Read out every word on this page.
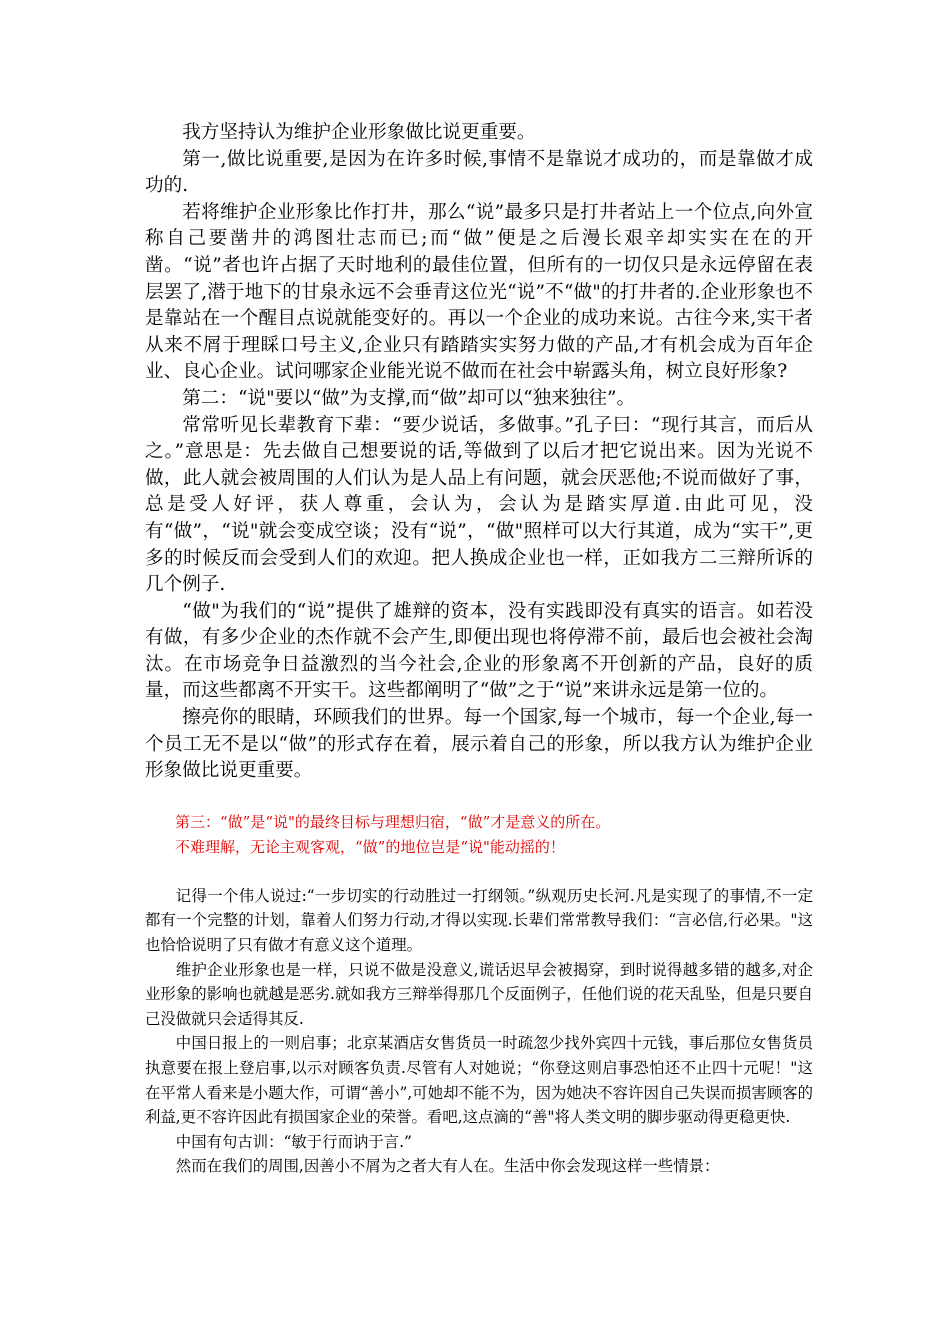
我方坚持认为维护企业形象做比说更重要。

第一,做比说重要,是因为在许多时候,事情不是靠说才成功的，而是靠做才成功的.

若将维护企业形象比作打井，那么“说”最多只是打井者站上一个位点,向外宣称自己要凿井的鸿图壮志而已;而“做”便是之后漫长艰辛却实实在在的开凿。“说”者也许占据了天时地利的最佳位置，但所有的一切仅只是永远停留在表层罢了,潜于地下的甘泉永远不会垂青这位光“说”不“做"的打井者的.企业形象也不是靠站在一个醒目点说就能变好的。再以一个企业的成功来说。古往今来,实干者从来不屑于理睬口号主义,企业只有踏踏实实努力做的产品,才有机会成为百年企业、良心企业。试问哪家企业能光说不做而在社会中崭露头角，树立良好形象?

第二：“说"要以“做”为支撑,而“做”却可以“独来独往”。

常常听见长辈教育下辈：“要少说话，多做事。”孔子曰：“现行其言，而后从之。”意思是：先去做自己想要说的话,等做到了以后才把它说出来。因为光说不做，此人就会被周围的人们认为是人品上有问题，就会厌恶他;不说而做好了事，总是受人好评，获人尊重，会认为，会认为是踏实厚道.由此可见，没有“做”，“说"就会变成空谈；没有“说”，“做"照样可以大行其道，成为“实干”,更多的时候反而会受到人们的欢迎。把人换成企业也一样，正如我方二三辩所诉的几个例子.

“做"为我们的“说”提供了雄辩的资本，没有实践即没有真实的语言。如若没有做，有多少企业的杰作就不会产生,即便出现也将停滞不前，最后也会被社会淘汰。在市场竞争日益激烈的当今社会,企业的形象离不开创新的产品，良好的质量，而这些都离不开实干。这些都阐明了“做”之于“说”来讲永远是第一位的。

擦亮你的眼睛，环顾我们的世界。每一个国家,每一个城市，每一个企业,每一个员工无不是以“做”的形式存在着，展示着自己的形象，所以我方认为维护企业形象做比说更重要。

第三：“做”是“说"的最终目标与理想归宿，“做”才是意义的所在。

不难理解，无论主观客观，“做”的地位岂是“说"能动摇的！

记得一个伟人说过:“一步切实的行动胜过一打纲领。”纵观历史长河.凡是实现了的事情,不一定都有一个完整的计划，靠着人们努力行动,才得以实现.长辈们常常教导我们：“言必信,行必果。"这也恰恰说明了只有做才有意义这个道理。

维护企业形象也是一样，只说不做是没意义,谎话迟早会被揭穿，到时说得越多错的越多,对企业形象的影响也就越是恶劣.就如我方三辩举得那几个反面例子，任他们说的花天乱坠，但是只要自己没做就只会适得其反.

中国日报上的一则启事；北京某酒店女售货员一时疏忽少找外宾四十元钱，事后那位女售货员执意要在报上登启事,以示对顾客负责.尽管有人对她说；“你登这则启事恐怕还不止四十元呢！"这在平常人看来是小题大作，可谓“善小”,可她却不能不为，因为她决不容许因自己失误而损害顾客的利益,更不容许因此有损国家企业的荣誉。看吧,这点滴的“善"将人类文明的脚步驱动得更稳更快.

中国有句古训：“敏于行而讷于言.”

然而在我们的周围,因善小不屑为之者大有人在。生活中你会发现这样一些情景：
